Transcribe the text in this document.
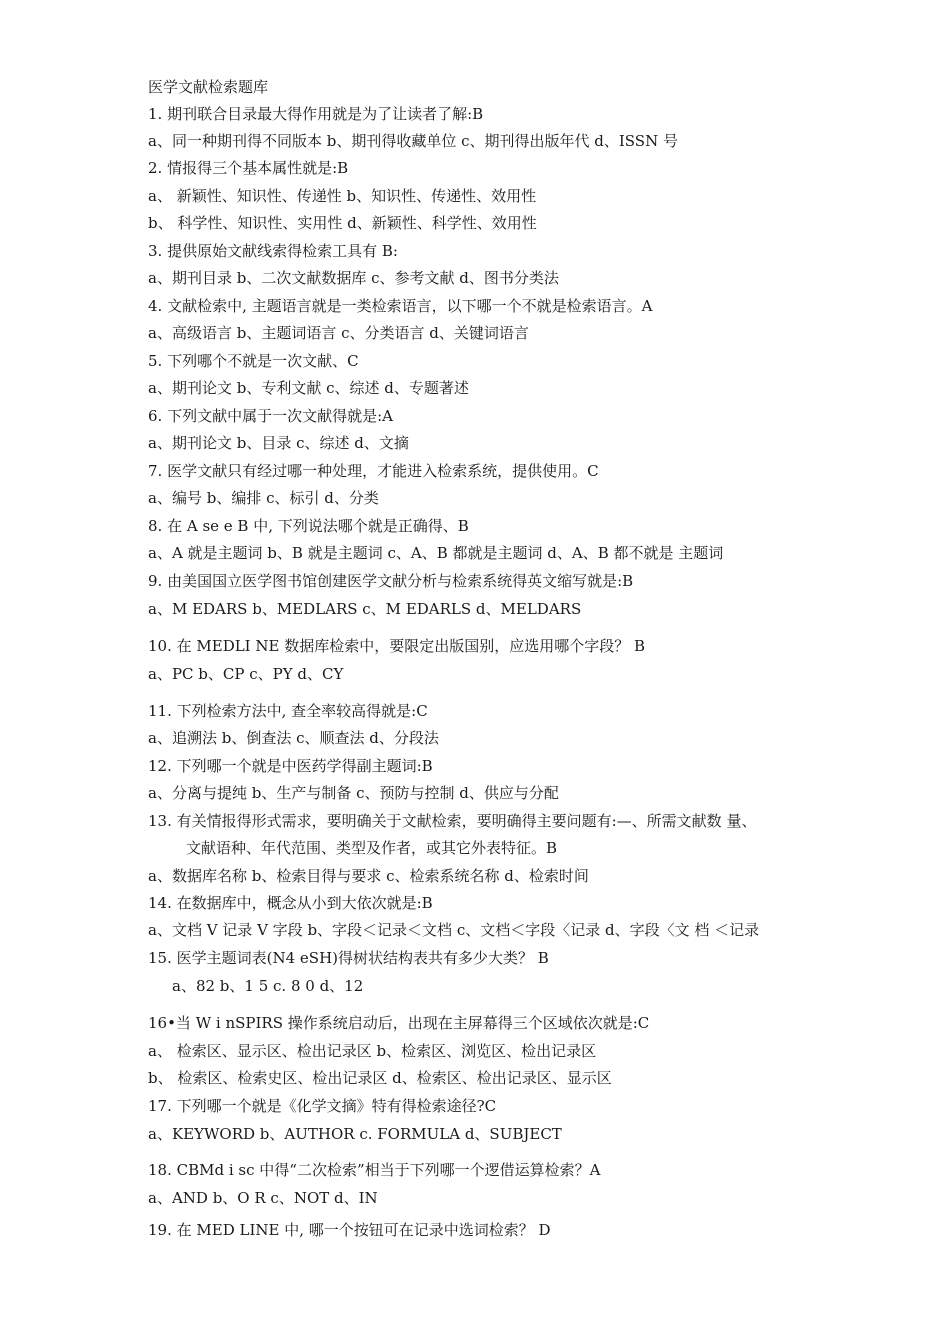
医学文献检索题库
1. 期刊联合目录最大得作用就是为了让读者了解:B
a、同一种期刊得不同版本 b、期刊得收藏单位 c、期刊得出版年代 d、ISSN 号
2. 情报得三个基本属性就是:B
a、 新颖性、知识性、传递性 b、知识性、传递性、效用性
b、 科学性、知识性、实用性 d、新颖性、科学性、效用性
3. 提供原始文献线索得检索工具有 B:
a、期刊目录 b、二次文献数据库 c、参考文献 d、图书分类法
4. 文献检索中, 主题语言就是一类检索语言，以下哪一个不就是检索语言。A
a、高级语言 b、主题词语言 c、分类语言 d、关键词语言
5. 下列哪个不就是一次文献、C
a、期刊论文 b、专利文献 c、综述 d、专题著述
6. 下列文献中属于一次文献得就是:A
a、期刊论文 b、目录 c、综述 d、文摘
7. 医学文献只有经过哪一种处理，才能进入检索系统，提供使用。C
a、编号 b、编排 c、标引 d、分类
8. 在 A se e B 中, 下列说法哪个就是正确得、B
a、A 就是主题词 b、B 就是主题词 c、A、B 都就是主题词 d、A、B 都不就是 主题词
9. 由美国国立医学图书馆创建医学文献分析与检索系统得英文缩写就是:B
a、M EDARS b、MEDLARS c、M EDARLS d、MELDARS
10. 在 MEDLI NE 数据库检索中，要限定出版国别，应选用哪个字段？ B
a、PC b、CP c、PY d、CY
11. 下列检索方法中, 查全率较高得就是:C
a、追溯法 b、倒查法 c、顺查法 d、分段法
12. 下列哪一个就是中医药学得副主题词:B
a、分离与提纯 b、生产与制备 c、预防与控制 d、供应与分配
13. 有关情报得形式需求，要明确关于文献检索，要明确得主要问题有:—、所需文献数 量、
文献语种、年代范围、类型及作者，或其它外表特征。B
a、数据库名称 b、检索目得与要求 c、检索系统名称 d、检索时间
14. 在数据库中，概念从小到大依次就是:B
a、文档 V 记录 V 字段 b、字段＜记录＜文档 c、文档＜字段〈记录 d、字段〈文 档 ＜记录
15. 医学主题词表(N4 eSH)得树状结构表共有多少大类？ B
a、82 b、1 5 c. 8 0 d、12
16•当 W i nSPIRS 操作系统启动后，出现在主屏幕得三个区域依次就是:C
a、 检索区、显示区、检出记录区 b、检索区、浏览区、检出记录区
b、 检索区、检索史区、检出记录区 d、检索区、检出记录区、显示区
17. 下列哪一个就是《化学文摘》特有得检索途径?C
a、KEYWORD b、AUTHOR c. FORMULA d、SUBJECT
18. CBMd i sc 中得“二次检索”相当于下列哪一个逻借运算检索？A
a、AND b、O R c、NOT d、IN
19. 在 MED LINE 中, 哪一个按钮可在记录中选词检索？ D
